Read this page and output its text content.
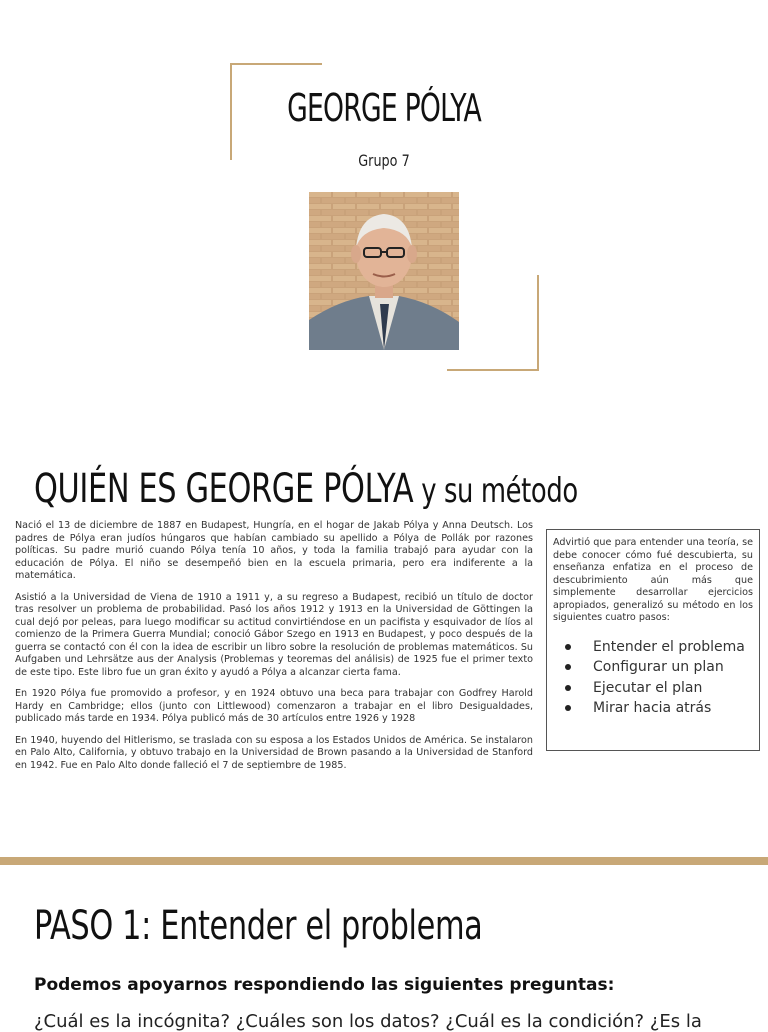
GEORGE PÓLYA
Grupo 7
QUIÉN ES GEORGE PÓLYA y su método

Nació el 13 de diciembre de 1887 en Budapest, Hungría, en el hogar de Jakab Pólya y Anna Deutsch. Los padres de Pólya eran judíos húngaros que habían cambiado su apellido a Pólya de Pollák por razones políticas. Su padre murió cuando Pólya tenía 10 años, y toda la familia trabajó para ayudar con la educación de Pólya. El niño se desempeñó bien en la escuela primaria, pero era indiferente a la matemática.

Asistió a la Universidad de Viena de 1910 a 1911 y, a su regreso a Budapest, recibió un título de doctor tras resolver un problema de probabilidad. Pasó los años 1912 y 1913 en la Universidad de Göttingen la cual dejó por peleas, para luego modificar su actitud convirtiéndose en un pacifista y esquivador de líos al comienzo de la Primera Guerra Mundial; conoció Gábor Szego en 1913 en Budapest, y poco después de la guerra se contactó con él con la idea de escribir un libro sobre la resolución de problemas matemáticos. Su Aufgaben und Lehrsätze aus der Analysis (Problemas y teoremas del análisis) de 1925 fue el primer texto de este tipo. Este libro fue un gran éxito y ayudó a Pólya a alcanzar cierta fama.

En 1920 Pólya fue promovido a profesor, y en 1924 obtuvo una beca para trabajar con Godfrey Harold Hardy en Cambridge; ellos (junto con Littlewood) comenzaron a trabajar en el libro Desigualdades, publicado más tarde en 1934. Pólya publicó más de 30 artículos entre 1926 y 1928

En 1940, huyendo del Hitlerismo, se traslada con su esposa a los Estados Unidos de América. Se instalaron en Palo Alto, California, y obtuvo trabajo en la Universidad de Brown pasando a la Universidad de Stanford en 1942. Fue en Palo Alto donde falleció el 7 de septiembre de 1985.

Advirtió que para entender una teoría, se debe conocer cómo fué descubierta, su enseñanza enfatiza en el proceso de descubrimiento aún más que simplemente desarrollar ejercicios apropiados, generalizó su método en los siguientes cuatro pasos:

Entender el problema
Configurar un plan
Ejecutar el plan
Mirar hacia atrás
PASO 1: Entender el problema
Podemos apoyarnos respondiendo las siguientes preguntas:
¿Cuál es la incógnita? ¿Cuáles son los datos? ¿Cuál es la condición? ¿Es la
